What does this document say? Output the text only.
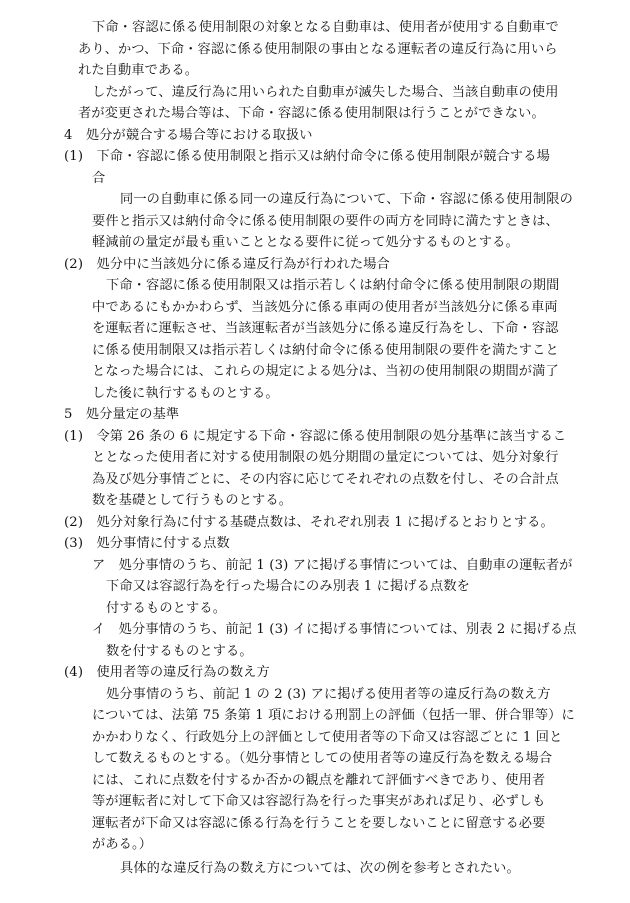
下命・容認に係る使用制限の対象となる自動車は、使用者が使用する自動車で
あり、かつ、下命・容認に係る使用制限の事由となる運転者の違反行為に用いら
れた自動車である。
したがって、違反行為に用いられた自動車が滅失した場合、当該自動車の使用
者が変更された場合等は、下命・容認に係る使用制限は行うことができない。
4　処分が競合する場合等における取扱い
(1)　下命・容認に係る使用制限と指示又は納付命令に係る使用制限が競合する場
合
同一の自動車に係る同一の違反行為について、下命・容認に係る使用制限の
要件と指示又は納付命令に係る使用制限の要件の両方を同時に満たすときは、
軽減前の量定が最も重いこととなる要件に従って処分するものとする。
(2)　処分中に当該処分に係る違反行為が行われた場合
下命・容認に係る使用制限又は指示若しくは納付命令に係る使用制限の期間
中であるにもかかわらず、当該処分に係る車両の使用者が当該処分に係る車両
を運転者に運転させ、当該運転者が当該処分に係る違反行為をし、下命・容認
に係る使用制限又は指示若しくは納付命令に係る使用制限の要件を満たすこと
となった場合には、これらの規定による処分は、当初の使用制限の期間が満了
した後に執行するものとする。
5　処分量定の基準
(1)　令第 26 条の 6 に規定する下命・容認に係る使用制限の処分基準に該当するこ
ととなった使用者に対する使用制限の処分期間の量定については、処分対象行
為及び処分事情ごとに、その内容に応じてそれぞれの点数を付し、その合計点
数を基礎として行うものとする。
(2)　処分対象行為に付する基礎点数は、それぞれ別表 1 に掲げるとおりとする。
(3)　処分事情に付する点数
ア　処分事情のうち、前記 1 (3) アに掲げる事情については、自動車の運転者が
下命又は容認行為を行った場合にのみ別表 1 に掲げる点数を
付するものとする。
イ　処分事情のうち、前記 1 (3) イに掲げる事情については、別表 2 に掲げる点
数を付するものとする。
(4)　使用者等の違反行為の数え方
処分事情のうち、前記 1 の 2 (3) アに掲げる使用者等の違反行為の数え方
については、法第 75 条第 1 項における刑罰上の評価（包括一罪、併合罪等）に
かかわりなく、行政処分上の評価として使用者等の下命又は容認ごとに 1 回と
して数えるものとする。（処分事情としての使用者等の違反行為を数える場合
には、これに点数を付するか否かの観点を離れて評価すべきであり、使用者
等が運転者に対して下命又は容認行為を行った事実があれば足り、必ずしも
運転者が下命又は容認に係る行為を行うことを要しないことに留意する必要
がある。）
具体的な違反行為の数え方については、次の例を参考とされたい。
